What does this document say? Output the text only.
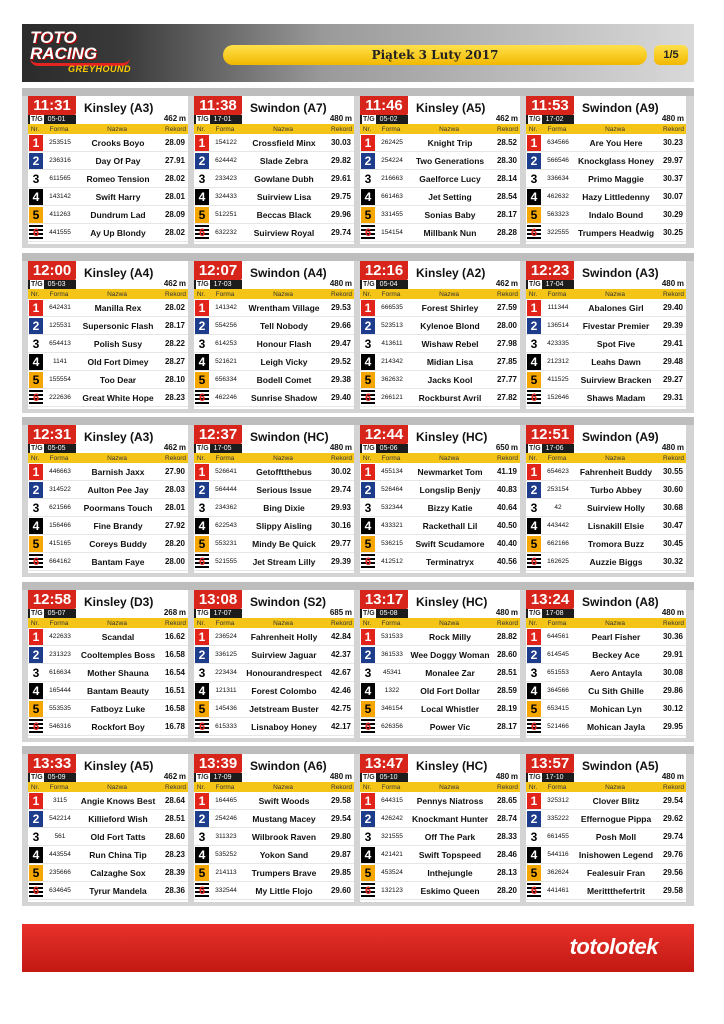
TOTO
RACING
GREYHOUND
Piątek 3 Luty 2017	1/5
11:31
T/G 05-01
Kinsley (A3)
462 m
Nr.	Forma	Nazwa	Rekord
1	253515	Crooks Boyo	28.09
2	236316	Day Of Pay	27.91
3	611565	Romeo Tension	28.02
4	143142	Swift Harry	28.01
5	411263	Dundrum Lad	28.09
6	441555	Ay Up Blondy	28.02
11:38
T/G 17-01
Swindon (A7)
480 m
Nr.	Forma	Nazwa	Rekord
1	154122	Crossfield Minx	30.03
2	624442	Slade Zebra	29.82
3	233423	Gowlane Dubh	29.61
4	324433	Suirview Lisa	29.75
5	512251	Beccas Black	29.96
6	632232	Suirview Royal	29.74
11:46
T/G 05-02
Kinsley (A5)
462 m
Nr.	Forma	Nazwa	Rekord
1	262425	Knight Trip	28.52
2	254224	Two Generations	28.30
3	216663	Gaelforce Lucy	28.14
4	661463	Jet Setting	28.54
5	331455	Sonias Baby	28.17
6	154154	Millbank Nun	28.28
11:53
T/G 17-02
Swindon (A9)
480 m
Nr.	Forma	Nazwa	Rekord
1	634566	Are You Here	30.23
2	566546	Knockglass Honey	29.97
3	336634	Primo Maggie	30.37
4	462632	Hazy Littledenny	30.07
5	563323	Indalo Bound	30.29
6	322555	Trumpers Headwig	30.25
12:00
T/G 05-03
Kinsley (A4)
462 m
Nr.	Forma	Nazwa	Rekord
1	642431	Manilla Rex	28.02
2	125531	Supersonic Flash	28.17
3	654413	Polish Susy	28.22
4	1141	Old Fort Dimey	28.27
5	155554	Too Dear	28.10
6	222636	Great White Hope	28.23
12:07
T/G 17-03
Swindon (A4)
480 m
Nr.	Forma	Nazwa	Rekord
1	141342	Wrentham Village	29.53
2	554256	Tell Nobody	29.66
3	614253	Honour Flash	29.47
4	521621	Leigh Vicky	29.52
5	656334	Bodell Comet	29.38
6	462246	Sunrise Shadow	29.40
12:16
T/G 05-04
Kinsley (A2)
462 m
Nr.	Forma	Nazwa	Rekord
1	666535	Forest Shirley	27.59
2	523513	Kylenoe Blond	28.00
3	413611	Wishaw Rebel	27.98
4	214342	Midian Lisa	27.85
5	362632	Jacks Kool	27.77
6	266121	Rockburst Avril	27.82
12:23
T/G 17-04
Swindon (A3)
480 m
Nr.	Forma	Nazwa	Rekord
1	111344	Abalones Girl	29.40
2	136514	Fivestar Premier	29.39
3	423335	Spot Five	29.41
4	212312	Leahs Dawn	29.48
5	411525	Suirview Bracken	29.27
6	152646	Shaws Madam	29.31
12:31
T/G 05-05
Kinsley (A3)
462 m
Nr.	Forma	Nazwa	Rekord
1	446663	Barnish Jaxx	27.90
2	314522	Aulton Pee Jay	28.03
3	621566	Poormans Touch	28.01
4	156466	Fine Brandy	27.92
5	415165	Coreys Buddy	28.20
6	664162	Bantam Faye	28.00
12:37
T/G 17-05
Swindon (HC)
480 m
Nr.	Forma	Nazwa	Rekord
1	526641	Getofftthebus	30.02
2	564444	Serious Issue	29.74
3	234362	Bing Dixie	29.93
4	622543	Slippy Aisling	30.16
5	553231	Mindy Be Quick	29.77
6	521555	Jet Stream Lilly	29.39
12:44
T/G 05-06
Kinsley (HC)
650 m
Nr.	Forma	Nazwa	Rekord
1	455134	Newmarket Tom	41.19
2	526464	Longslip Benjy	40.83
3	532344	Bizzy Katie	40.64
4	433321	Rackethall Lil	40.50
5	536215	Swift Scudamore	40.40
6	412512	Terminatryx	40.56
12:51
T/G 17-06
Swindon (A9)
480 m
Nr.	Forma	Nazwa	Rekord
1	654623	Fahrenheit Buddy	30.55
2	253154	Turbo Abbey	30.60
3	42	Suirview Holly	30.68
4	443442	Lisnakill Elsie	30.47
5	662166	Tromora Buzz	30.45
6	162625	Auzzie Biggs	30.32
12:58
T/G 05-07
Kinsley (D3)
268 m
Nr.	Forma	Nazwa	Rekord
1	422633	Scandal	16.62
2	231323	Cooltemples Boss	16.58
3	616634	Mother Shauna	16.54
4	165444	Bantam Beauty	16.51
5	553535	Fatboyz Luke	16.58
6	546316	Rockfort Boy	16.78
13:08
T/G 17-07
Swindon (S2)
685 m
Nr.	Forma	Nazwa	Rekord
1	236524	Fahrenheit Holly	42.84
2	336125	Suirview Jaguar	42.37
3	223434	Honourandrespect	42.67
4	121311	Forest Colombo	42.46
5	145436	Jetstream Buster	42.75
6	615333	Lisnaboy Honey	42.17
13:17
T/G 05-08
Kinsley (HC)
480 m
Nr.	Forma	Nazwa	Rekord
1	531533	Rock Milly	28.82
2	361533 Wee Doggy Woman 28.60
3	45341	Monalee Zar	28.51
4	1322	Old Fort Dollar	28.59
5	346154	Local Whistler	28.19
6	626356	Power Vic	28.17
13:24
T/G 17-08
Swindon (A8)
480 m
Nr.	Forma	Nazwa	Rekord
1	644561	Pearl Fisher	30.36
2	614545	Beckey Ace	29.91
3	651553	Aero Antayla	30.08
4	364566	Cu Sith Ghille	29.86
5	653415	Mohican Lyn	30.12
6	521466	Mohican Jayla	29.95
13:33
T/G 05-09
Kinsley (A5)
462 m
Nr.	Forma	Nazwa	Rekord
1	3115	Angie Knows Best	28.64
2	542214	Killieford Wish	28.51
3	561	Old Fort Tatts	28.60
4	443554	Run China Tip	28.23
5	235666	Calzaghe Sox	28.39
6	634645	Tyrur Mandela	28.36
13:39
T/G 17-09
Swindon (A6)
480 m
Nr.	Forma	Nazwa	Rekord
1	164465	Swift Woods	29.58
2	254246	Mustang Macey	29.54
3	311323	Wilbrook Raven	29.80
4	535252	Yokon Sand	29.87
5	214113	Trumpers Brave	29.85
6	332544	My Little Flojo	29.60
13:47
T/G 05-10
Kinsley (HC)
480 m
Nr.	Forma	Nazwa	Rekord
1	644315	Pennys Niatross	28.65
2	426242	Knockmant Hunter	28.74
3	321555	Off The Park	28.33
4	421421	Swift Topspeed	28.46
5	453524	Inthejungle	28.13
6	132123	Eskimo Queen	28.20
13:57
T/G 17-10
Swindon (A5)
480 m
Nr.	Forma	Nazwa	Rekord
1	325312	Clover Blitz	29.54
2	335222	Effernogue Pippa	29.62
3	661455	Posh Moll	29.74
4	544116	Inishowen Legend	29.76
5	362624	Fealesuir Fran	29.56
6	441461	Merittthefertrit	29.58
totolotek
